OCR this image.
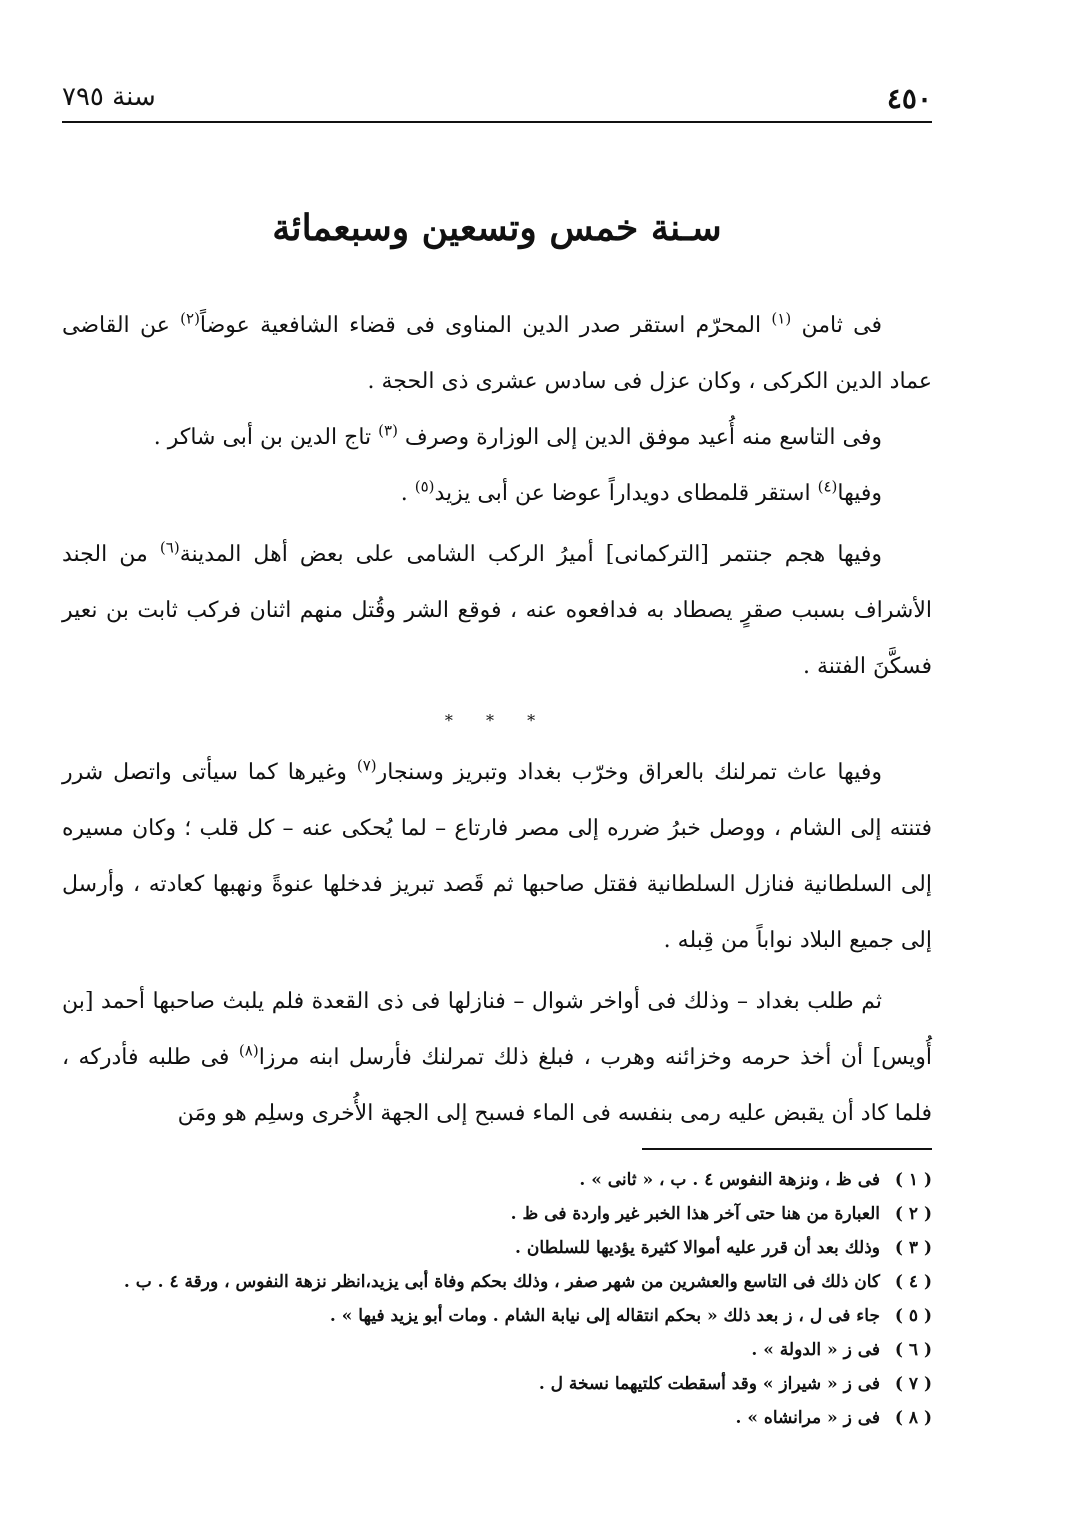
سنة ٧٩٥	٤٥٠
سـنة خمس وتسعين وسبعمائة

فى ثامن $^{(١)}$ المحرّم استقر صدر الدين المناوى فى قضاء الشافعية عوضاً$^{(٢)}$ عن القاضى عماد الدين الكركى ، وكان عزل فى سادس عشرى ذى الحجة .

وفى التاسع منه أُعيد موفق الدين إلى الوزارة وصرف $^{(٣)}$ تاج الدين بن أبى شاكر .

وفيها$^{(٤)}$ استقر قلمطاى دويداراً عوضا عن أبى يزيد$^{(٥)}$ .

وفيها هجم جنتمر [التركمانى] أميرُ الركب الشامى على بعض أهل المدينة$^{(٦)}$ من الجند الأشراف بسبب صقرٍ يصطاد به فدافعوه عنه ، فوقع الشر وقُتل منهم اثنان فركب ثابت بن نعير فسكَّنَ الفتنة .

* * *

وفيها عاث تمرلنك بالعراق وخرّب بغداد وتبريز وسنجار$^{(٧)}$ وغيرها كما سيأتى واتصل شرر فتنته إلى الشام ، ووصل خبرُ ضرره إلى مصر فارتاع – لما يُحكى عنه – كل قلب ؛ وكان مسيره إلى السلطانية فنازل السلطانية فقتل صاحبها ثم قَصد تبريز فدخلها عنوةً ونهبها كعادته ، وأرسل إلى جميع البلاد نواباً من قِبله .

ثم طلب بغداد – وذلك فى أواخر شوال – فنازلها فى ذى القعدة فلم يلبث صاحبها أحمد [بن أُويس] أن أخذ حرمه وخزائنه وهرب ، فبلغ ذلك تمرلنك فأرسل ابنه مرزا$^{(٨)}$ فى طلبه فأدركه ، فلما كاد أن يقبض عليه رمى بنفسه فى الماء فسبح إلى الجهة الأُخرى وسلِم هو ومَن

( ١ )فى ظ ، ونزهة النفوس ٤ . ب ، « ثانى » .
( ٢ )العبارة من هنا حتى آخر هذا الخبر غير واردة فى ظ .
( ٣ )وذلك بعد أن قرر عليه أموالا كثيرة يؤديها للسلطان .
( ٤ )كان ذلك فى التاسع والعشرين من شهر صفر ، وذلك بحكم وفاة أبى يزيد،انظر نزهة النفوس ، ورقة ٤ . ب .
( ٥ )جاء فى ل ، ز بعد ذلك « بحكم انتقاله إلى نيابة الشام . ومات أبو يزيد فيها » .
( ٦ )فى ز « الدولة » .
( ٧ )فى ز « شيراز » وقد أسقطت كلتيهما نسخة ل .
( ٨ )فى ز « مرانشاه » .
